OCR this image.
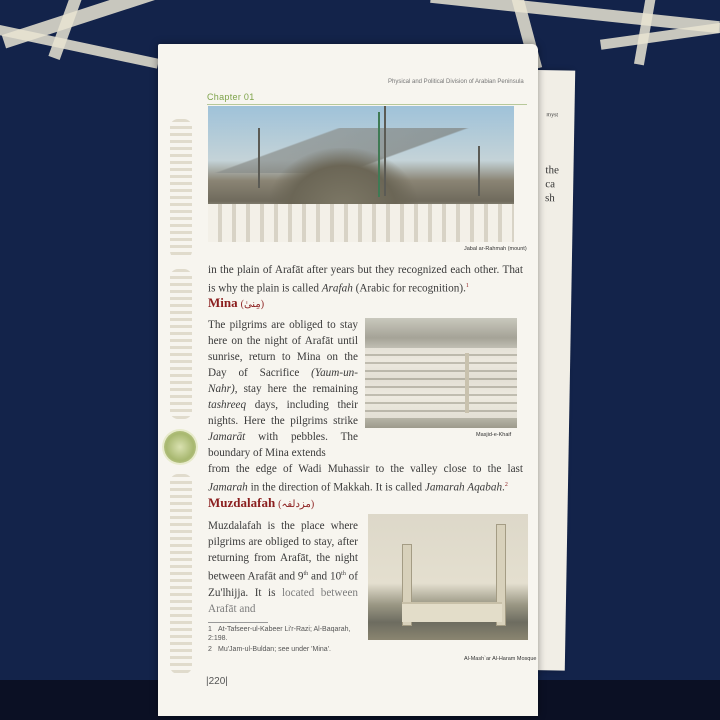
myst
the
ca
sh
Chapter 01
Physical and Political Division of Arabian Peninsula
Jabal ar-Rahmah (mount)
in the plain of Arafāt after years but they recognized each other. That is why the plain is called Arafah (Arabic for recognition).$^1$
Mina (مِنىٰ)
The pilgrims are obliged to stay here on the night of Arafāt until sunrise, return to Mina on the Day of Sacrifice (Yaum-un-Nahr), stay here the remaining tashreeq days, including their nights. Here the pilgrims strike Jamarāt with pebbles. The boundary of Mina extends
Masjid-e-Khaif
from the edge of Wadi Muhassir to the valley close to the last Jamarah in the direction of Makkah. It is called Jamarah Aqabah.$^2$
Muzdalafah (مزدلفہ)
Muzdalafah is the place where pilgrims are obliged to stay, after returning from Arafāt, the night between Arafāt and 9th and 10th of Zu'lhijja. It is located between Arafāt and
Al-Mash`ar Al-Haram Mosque
1 At-Tafseer-ul-Kabeer Li'r-Razi; Al-Baqarah, 2:198.
2 Mu'Jam-ul-Buldan; see under 'Mina'.
|220|
